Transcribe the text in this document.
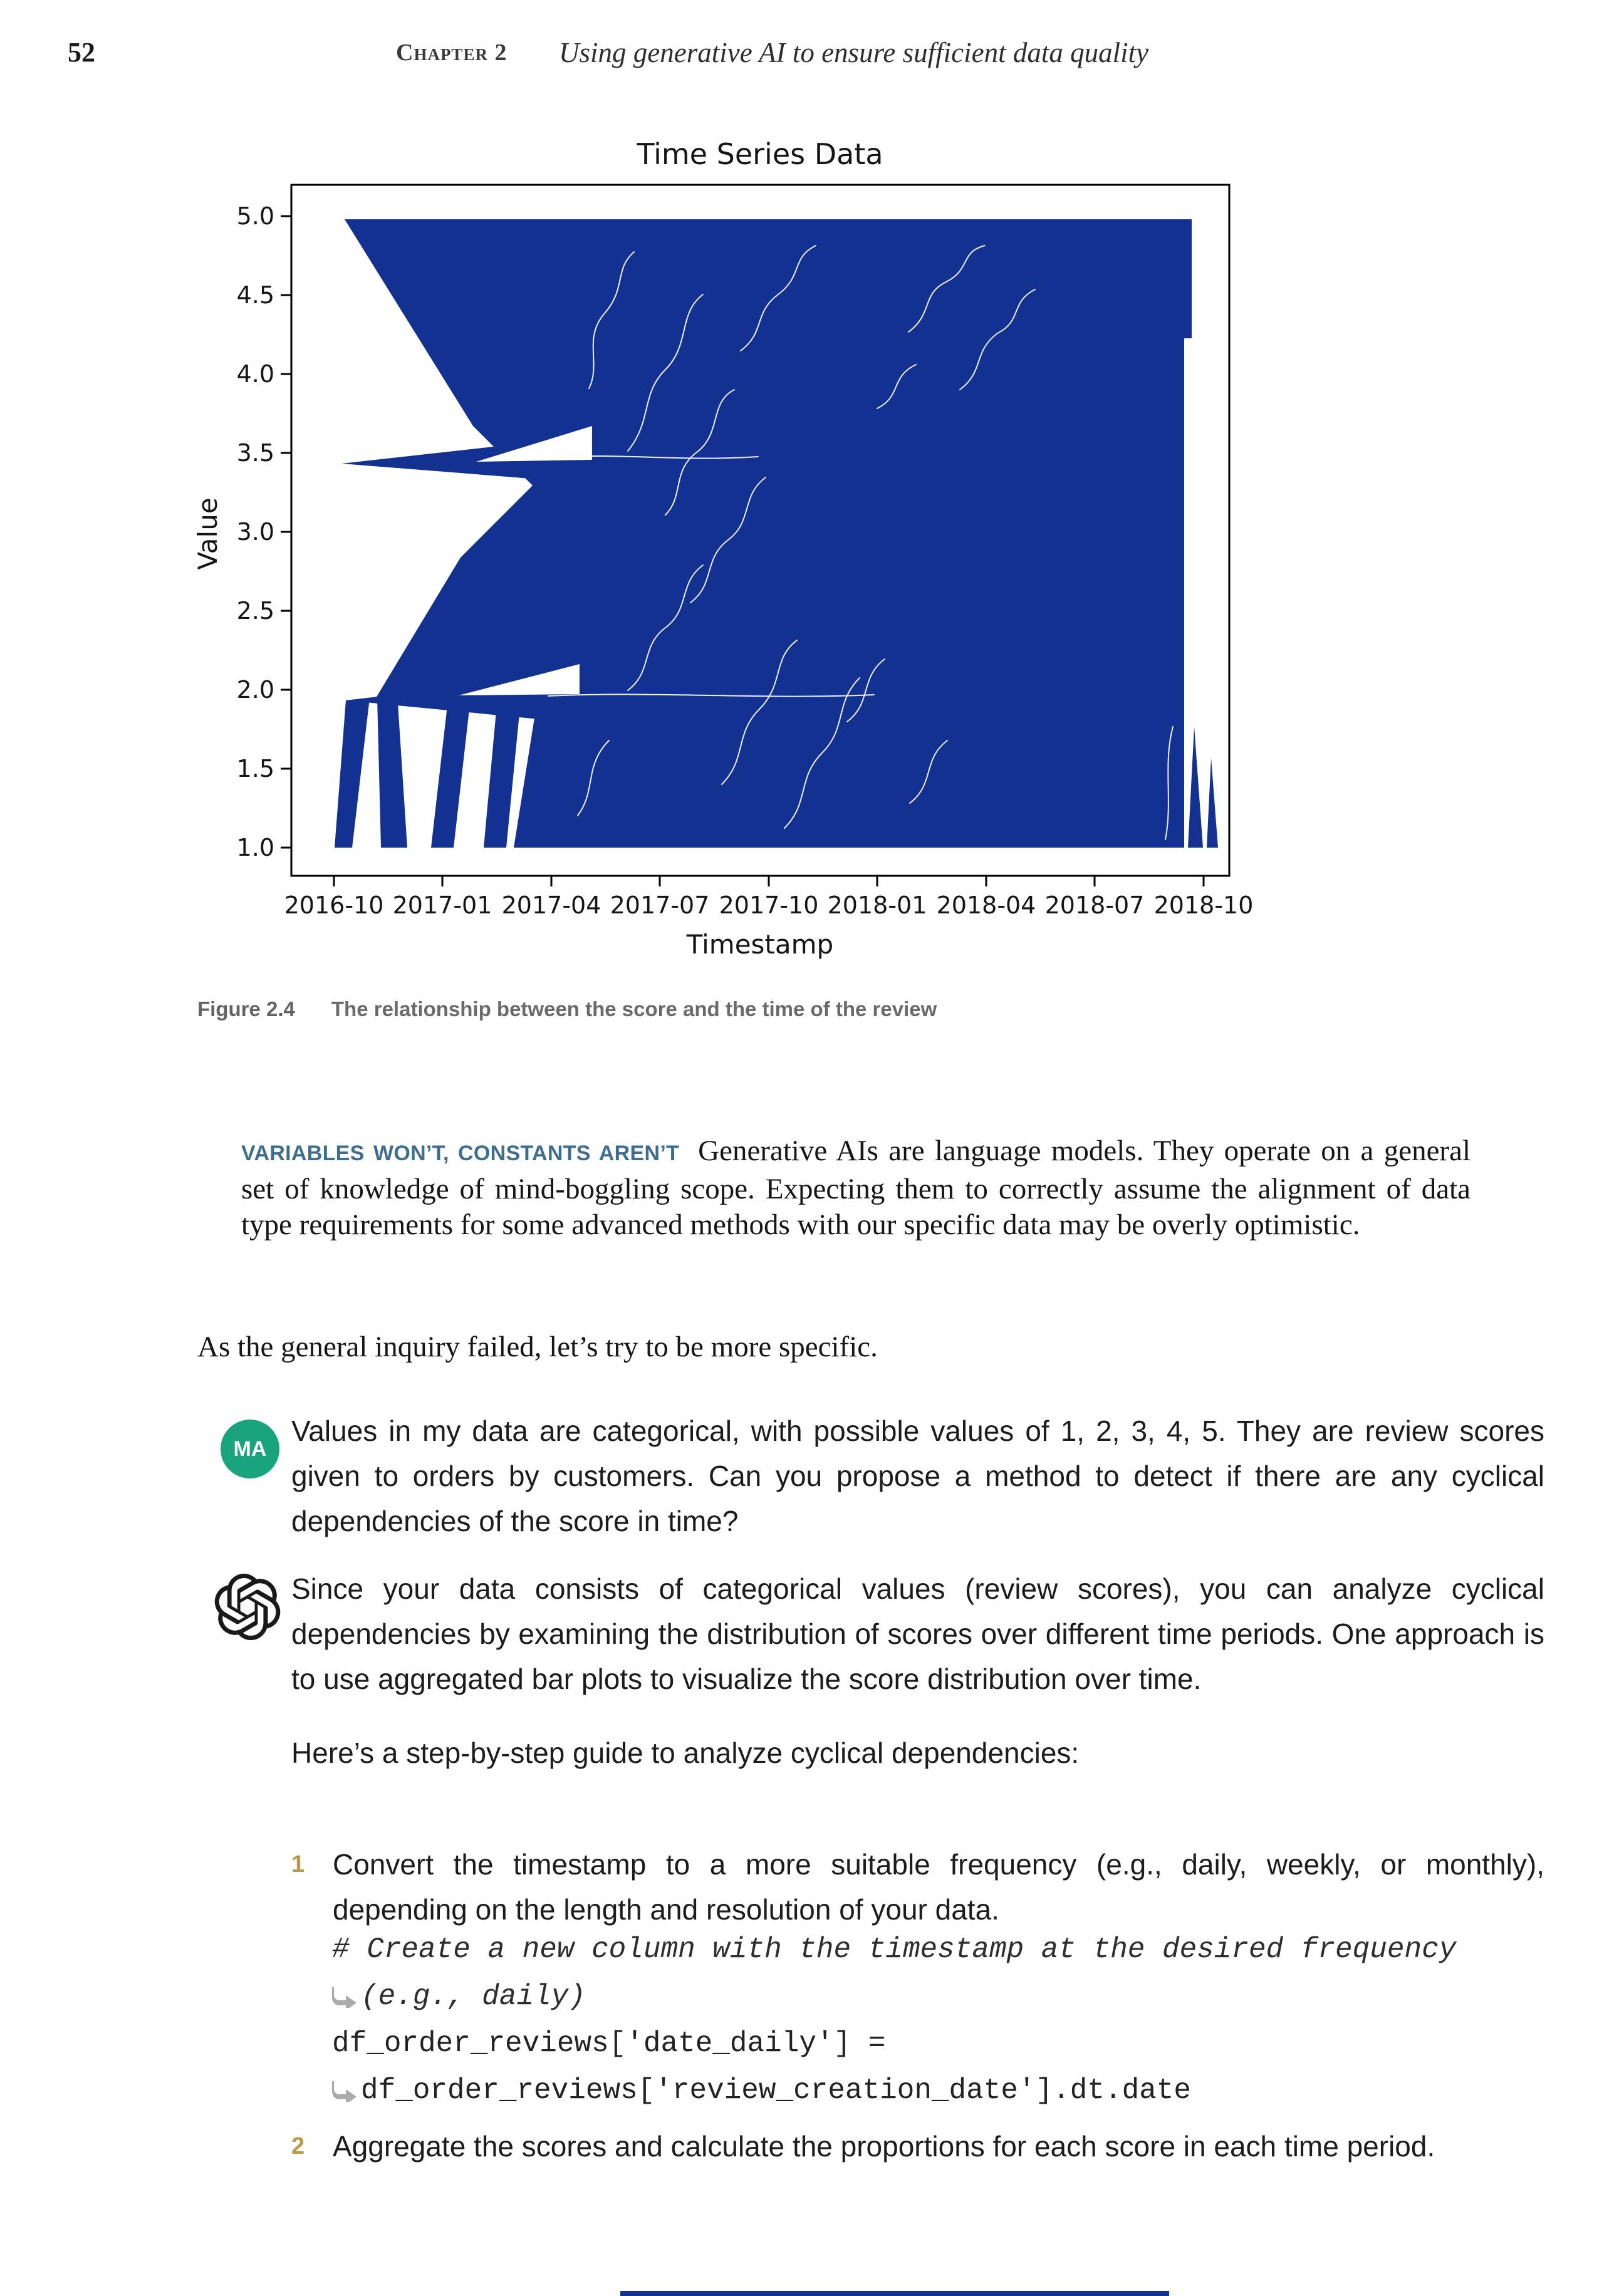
52	Chapter 2 Using generative AI to ensure sufficient data quality
Time Series Data
5.0
4.5
4.0
3.5
3.0
2.5
2.0
1.5
1.0
2016-10 2017-01 2017-04 2017-07 2017-10 2018-01 2018-04 2018-07 2018-10
Timestamp
Value
Figure 2.4 The relationship between the score and the time of the review

VARIABLES WON’T, CONSTANTS AREN’T Generative AIs are language models. They operate on a general set of knowledge of mind-boggling scope. Expecting them to correctly assume the alignment of data type requirements for some advanced methods with our specific data may be overly optimistic.

As the general inquiry failed, let’s try to be more specific.

MA
Values in my data are categorical, with possible values of 1, 2, 3, 4, 5. They are review scores given to orders by customers. Can you propose a method to detect if there are any cyclical dependencies of the score in time?
Since your data consists of categorical values (review scores), you can analyze cyclical dependencies by examining the distribution of scores over different time periods. One approach is to use aggregated bar plots to visualize the score distribution over time.
Here’s a step-by-step guide to analyze cyclical dependencies:
1 Convert the timestamp to a more suitable frequency (e.g., daily, weekly, or monthly), depending on the length and resolution of your data.
# Create a new column with the timestamp at the desired frequency
(e.g., daily)
df_order_reviews['date_daily'] =
df_order_reviews['review_creation_date'].dt.date
2 Aggregate the scores and calculate the proportions for each score in each time period.
